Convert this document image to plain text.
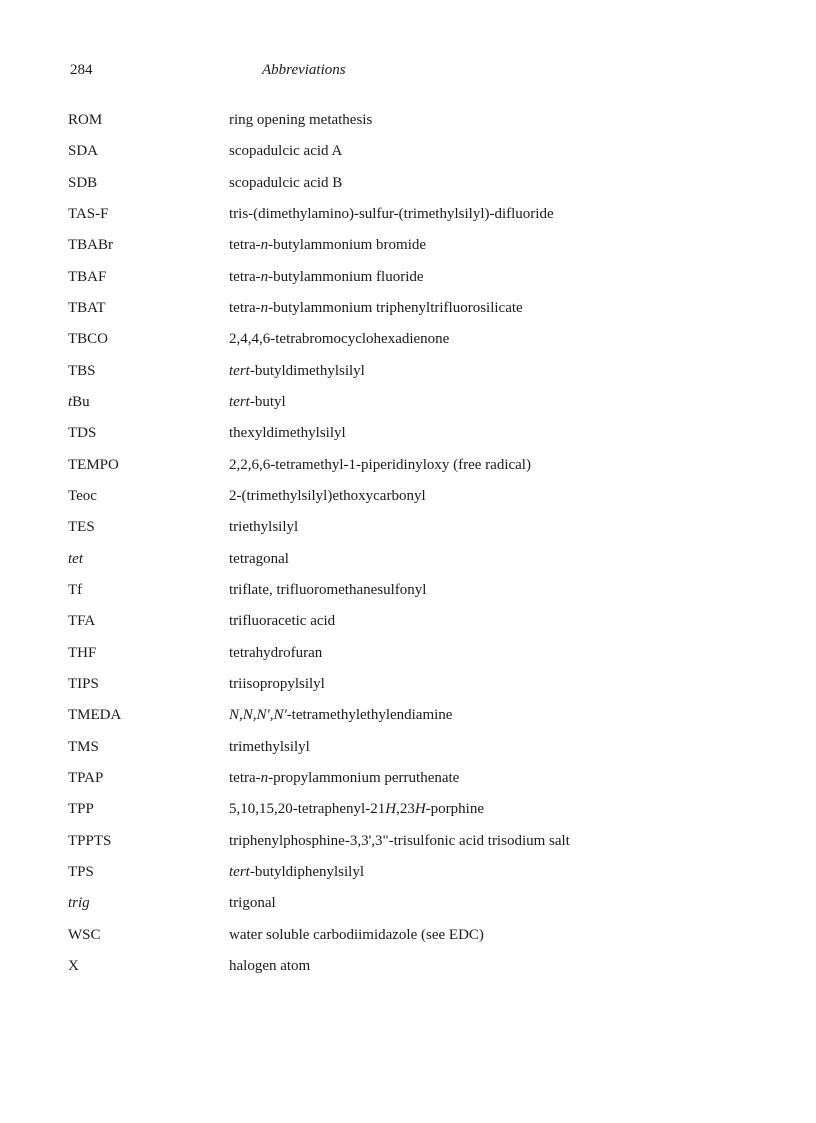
284	Abbreviations
ROM	ring opening metathesis
SDA	scopadulcic acid A
SDB	scopadulcic acid B
TAS-F	tris-(dimethylamino)-sulfur-(trimethylsilyl)-difluoride
TBABr	tetra-n-butylammonium bromide
TBAF	tetra-n-butylammonium fluoride
TBAT	tetra-n-butylammonium triphenyltrifluorosilicate
TBCO	2,4,4,6-tetrabromocyclohexadienone
TBS	tert-butyldimethylsilyl
tBu	tert-butyl
TDS	thexyldimethylsilyl
TEMPO	2,2,6,6-tetramethyl-1-piperidinyloxy (free radical)
Teoc	2-(trimethylsilyl)ethoxycarbonyl
TES	triethylsilyl
tet	tetragonal
Tf	triflate, trifluoromethanesulfonyl
TFA	trifluoracetic acid
THF	tetrahydrofuran
TIPS	triisopropylsilyl
TMEDA	N,N,N',N'-tetramethylethylendiamine
TMS	trimethylsilyl
TPAP	tetra-n-propylammonium perruthenate
TPP	5,10,15,20-tetraphenyl-21H,23H-porphine
TPPTS	triphenylphosphine-3,3',3"-trisulfonic acid trisodium salt
TPS	tert-butyldiphenylsilyl
trig	trigonal
WSC	water soluble carbodiimidazole (see EDC)
X	halogen atom
